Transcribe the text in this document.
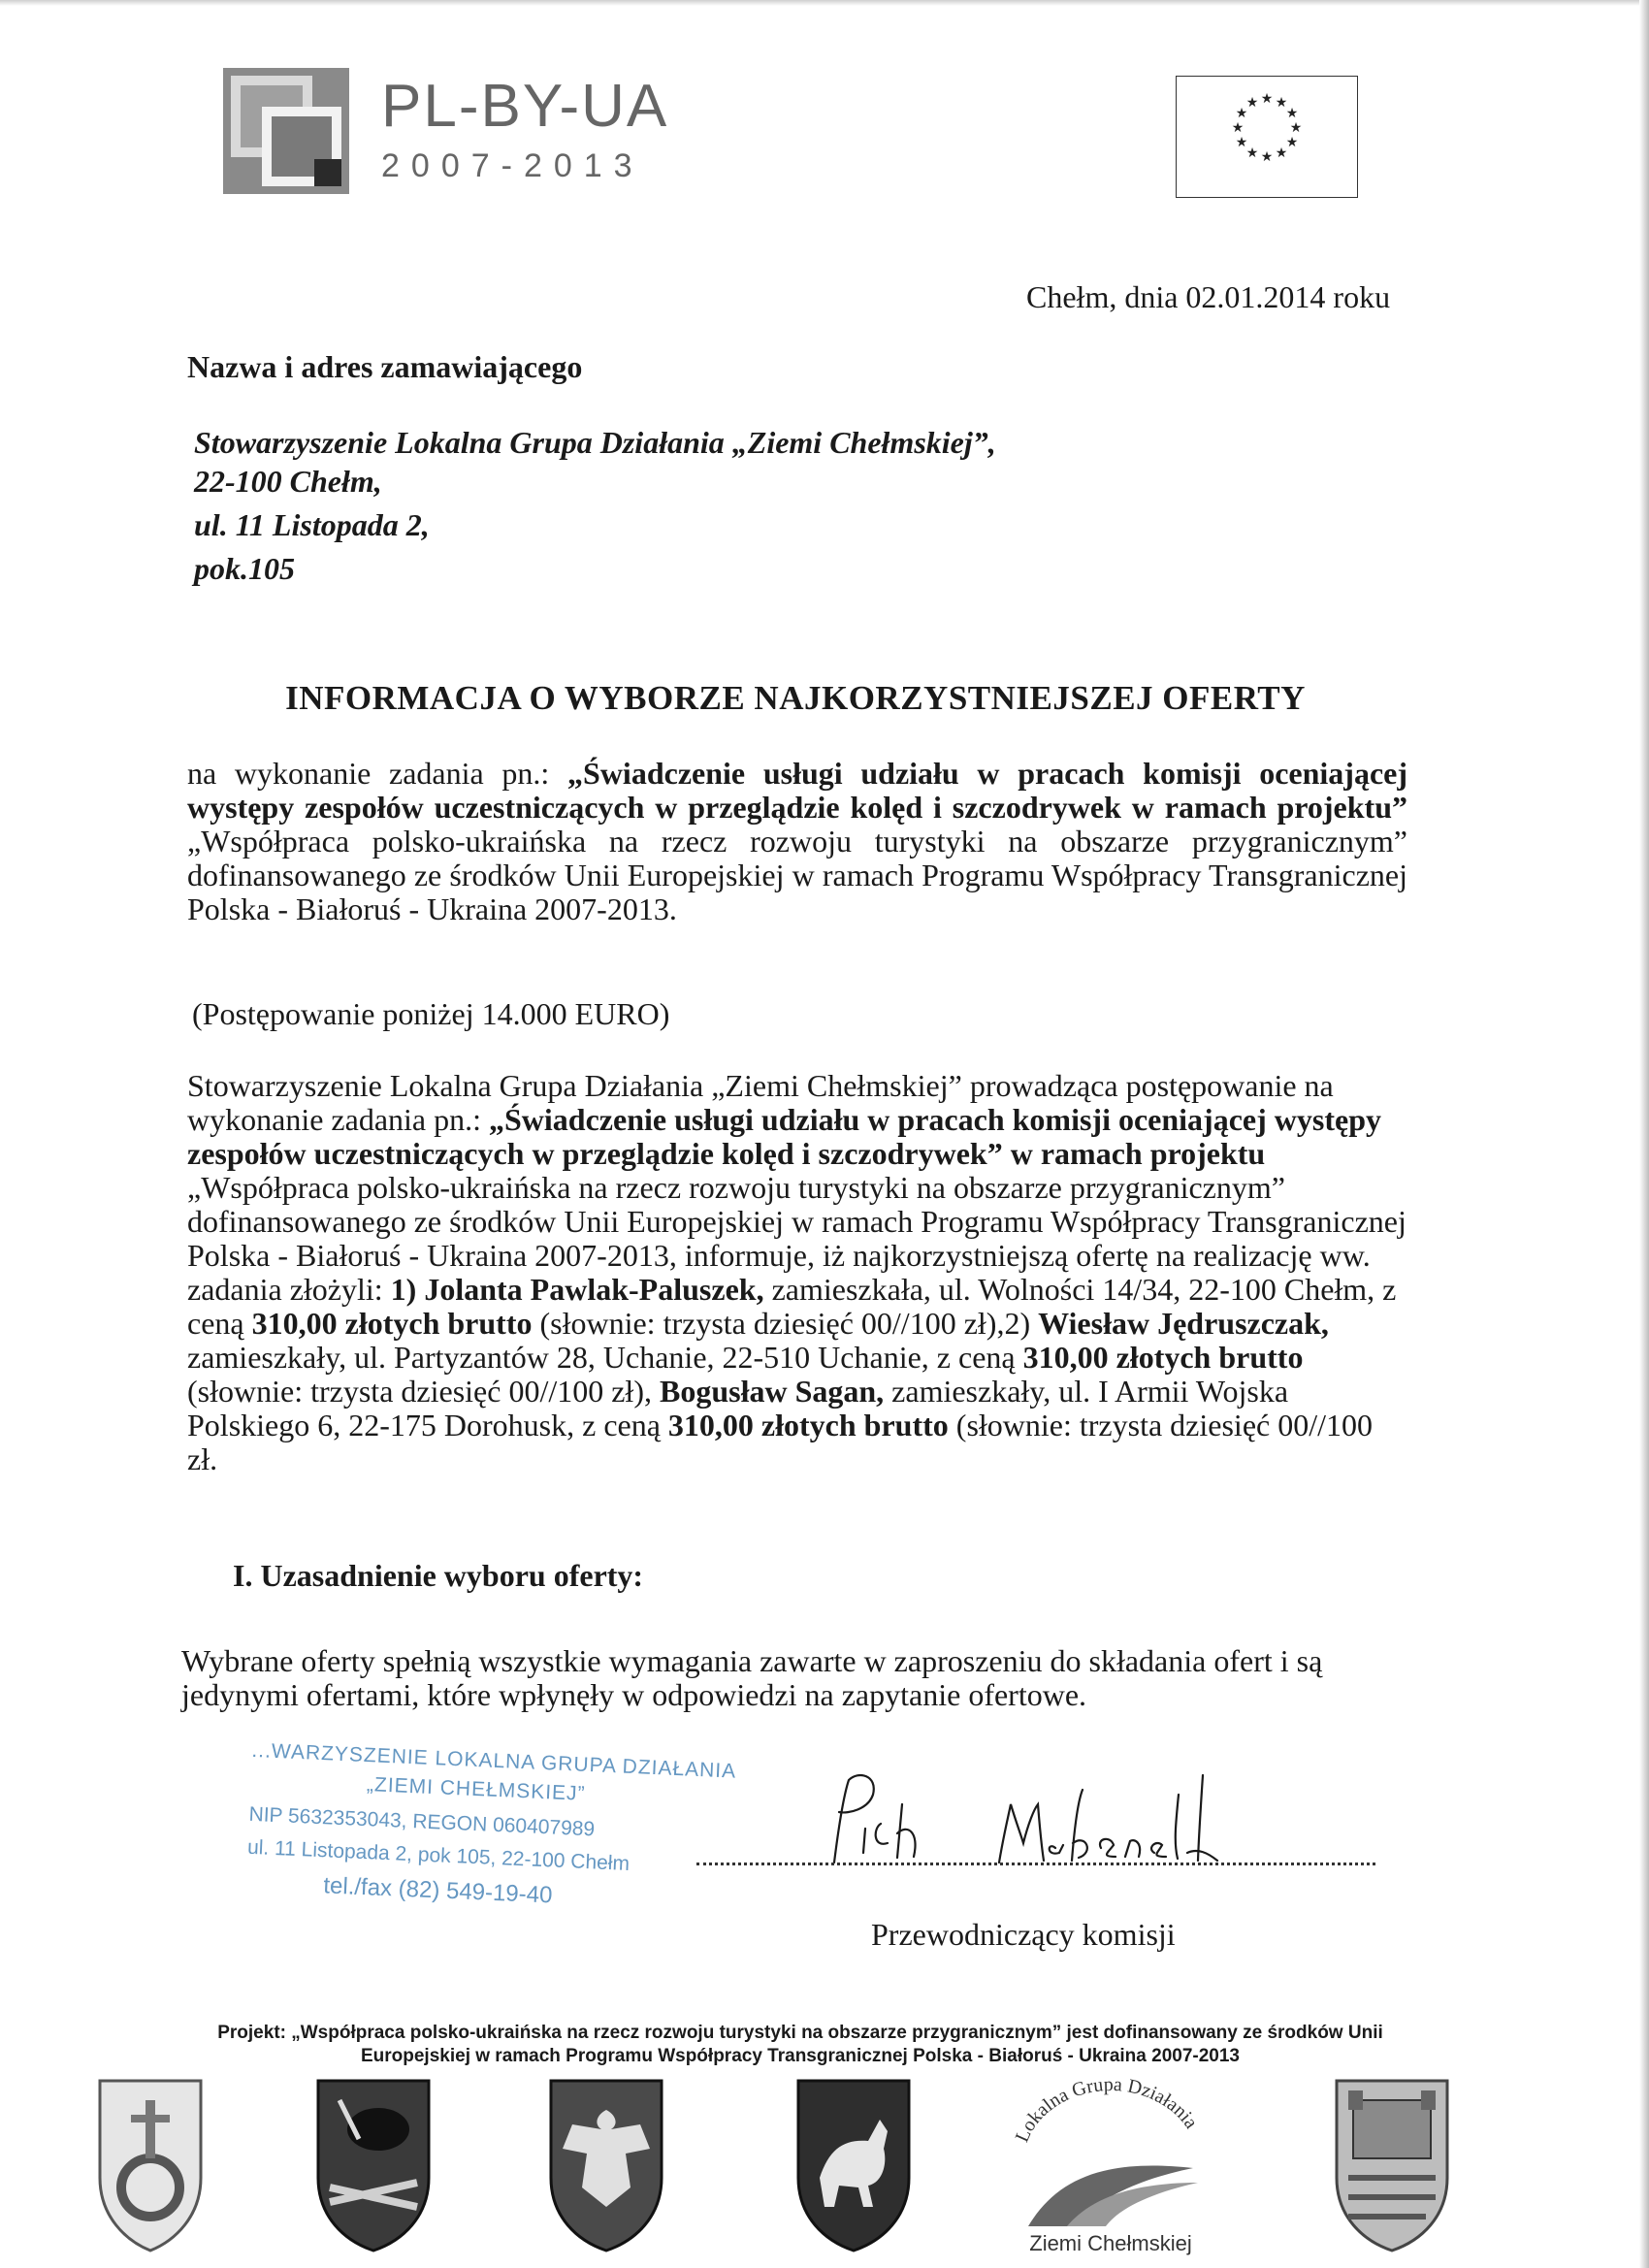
PL-BY-UA
2007-2013
★ ★
★
★
★
★
★
★
★
★
★
★
Chełm, dnia 02.01.2014 roku
Nazwa i adres zamawiającego
Stowarzyszenie Lokalna Grupa Działania „Ziemi Chełmskiej”,
22-100 Chełm,
ul. 11 Listopada 2,
pok.105
INFORMACJA O WYBORZE NAJKORZYSTNIEJSZEJ OFERTY
na wykonanie zadania pn.: „Świadczenie usługi udziału w pracach komisji oceniającej występy zespołów uczestniczących w przeglądzie kolęd i szczodrywek w ramach projektu” „Współpraca polsko-ukraińska na rzecz rozwoju turystyki na obszarze przygranicznym” dofinansowanego ze środków Unii Europejskiej w ramach Programu Współpracy Transgranicznej Polska - Białoruś - Ukraina 2007-2013.
(Postępowanie poniżej 14.000 EURO)
Stowarzyszenie Lokalna Grupa Działania „Ziemi Chełmskiej” prowadząca postępowanie na wykonanie zadania pn.: „Świadczenie usługi udziału w pracach komisji oceniającej występy zespołów uczestniczących w przeglądzie kolęd i szczodrywek” w ramach projektu „Współpraca polsko-ukraińska na rzecz rozwoju turystyki na obszarze przygranicznym” dofinansowanego ze środków Unii Europejskiej w ramach Programu Współpracy Transgranicznej Polska - Białoruś - Ukraina 2007-2013, informuje, iż najkorzystniejszą ofertę na realizację ww. zadania złożyli: 1) Jolanta Pawlak-Paluszek, zamieszkała, ul. Wolności 14/34, 22-100 Chełm, z ceną 310,00 złotych brutto (słownie: trzysta dziesięć 00//100 zł),2) Wiesław Jędruszczak, zamieszkały, ul. Partyzantów 28, Uchanie, 22-510 Uchanie, z ceną 310,00 złotych brutto (słownie: trzysta dziesięć 00//100 zł), Bogusław Sagan, zamieszkały, ul. I Armii Wojska Polskiego 6, 22-175 Dorohusk, z ceną 310,00 złotych brutto (słownie: trzysta dziesięć 00//100 zł.
I. Uzasadnienie wyboru oferty:
Wybrane oferty spełnią wszystkie wymagania zawarte w zaproszeniu do składania ofert i są jedynymi ofertami, które wpłynęły w odpowiedzi na zapytanie ofertowe.
...WARZYSZENIE LOKALNA GRUPA DZIAŁANIA
„ZIEMI CHEŁMSKIEJ”
NIP 5632353043, REGON 060407989
ul. 11 Listopada 2, pok 105, 22-100 Chełm
tel./fax (82) 549-19-40
Przewodniczący komisji
Projekt: „Współpraca polsko-ukraińska na rzecz rozwoju turystyki na obszarze przygranicznym” jest dofinansowany ze środków Unii Europejskiej w ramach Programu Współpracy Transgranicznej Polska - Białoruś - Ukraina 2007-2013
Lokalna Grupa Działania
Ziemi Chełmskiej
